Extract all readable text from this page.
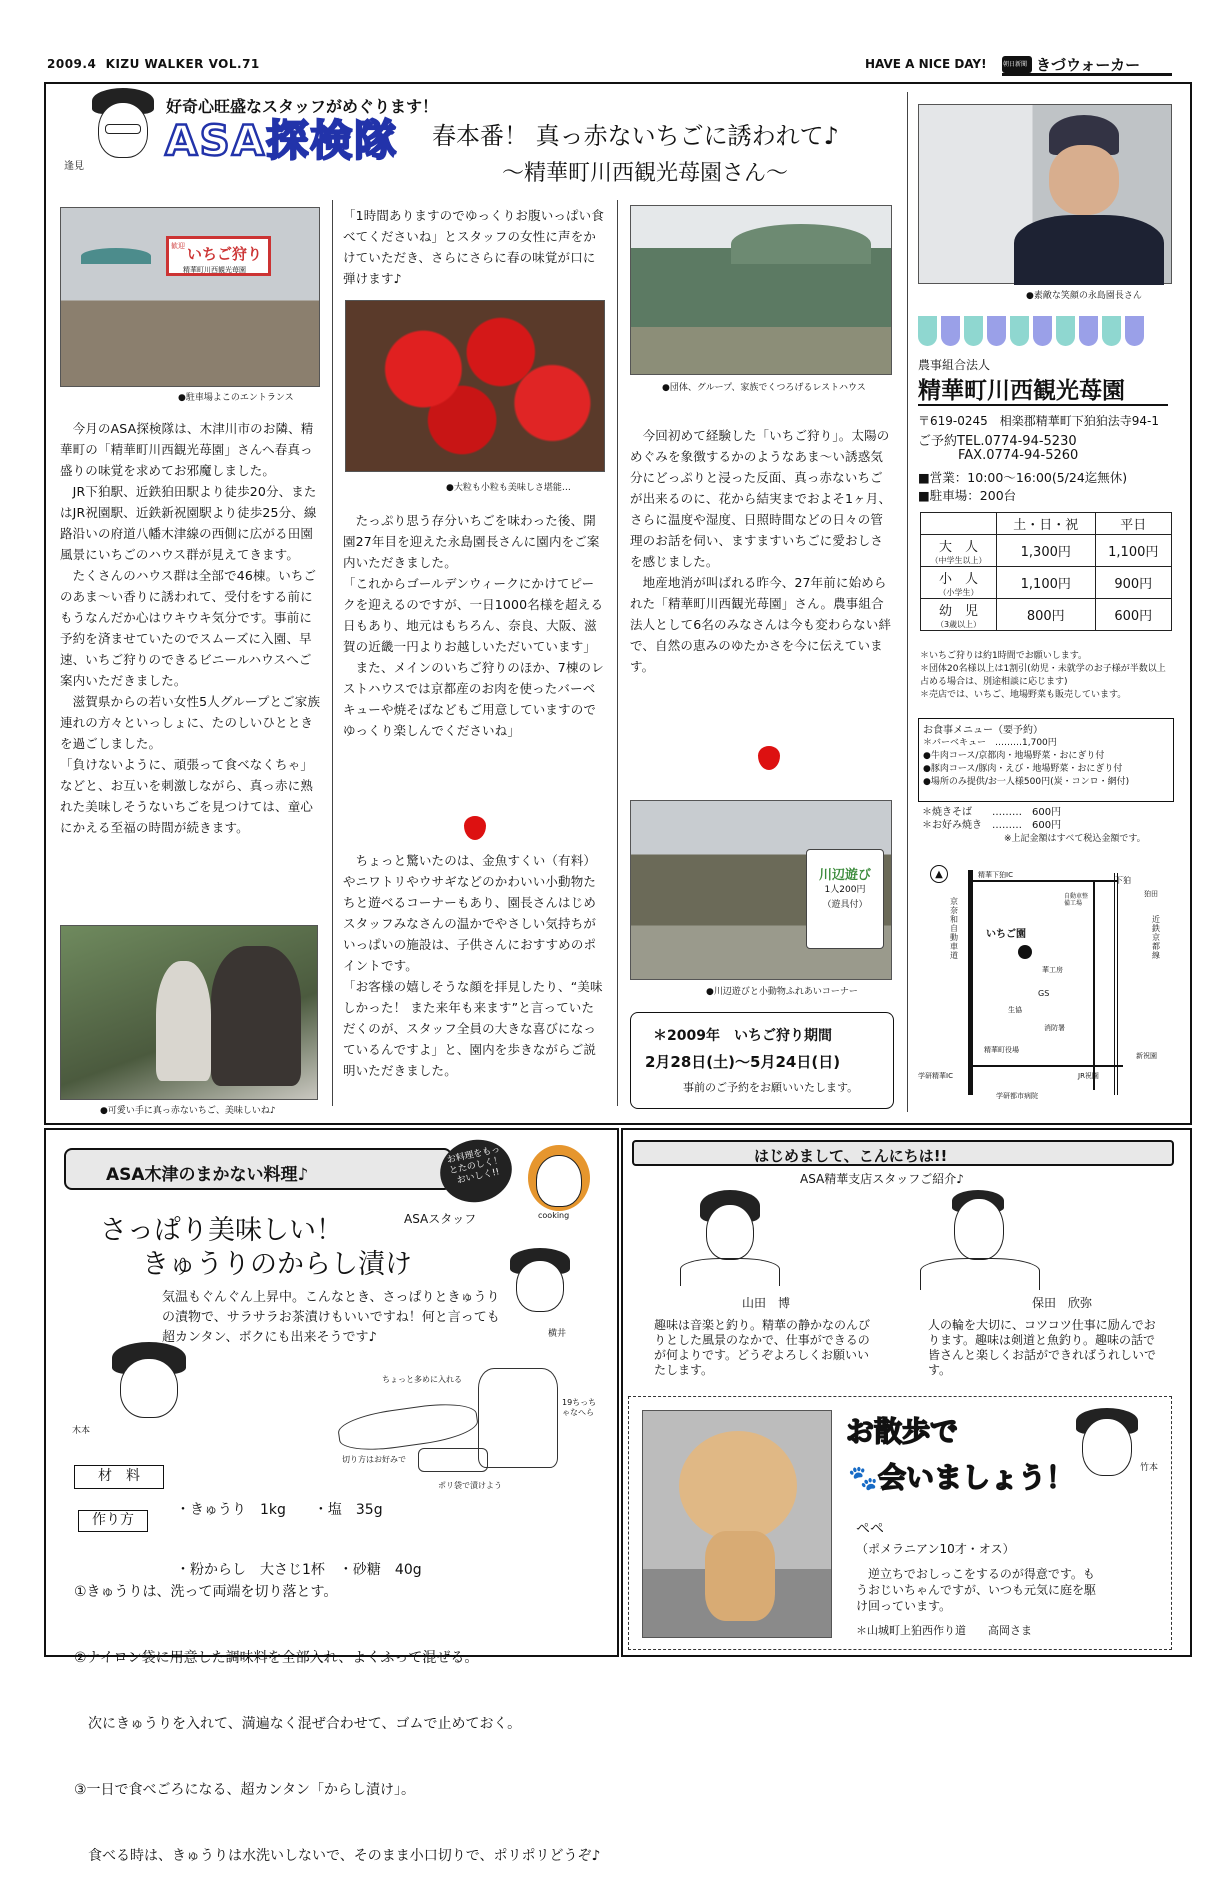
2009.4  KIZU WALKER VOL.71	HAVE A NICE DAY!	朝日新聞 きづウォーカー
逢見
好奇心旺盛なスタッフがめぐります！
ASA探検隊 春本番！ 真っ赤ないちごに誘われて♪
～精華町川西観光苺園さん～
歓迎 いちご狩り
精華町川西観光苺園
●駐車場よこのエントランス

　今月のASA探検隊は、木津川市のお隣、精華町の「精華町川西観光苺園」さんへ春真っ盛りの味覚を求めてお邪魔しました。

　JR下狛駅、近鉄狛田駅より徒歩20分、またはJR祝園駅、近鉄新祝園駅より徒歩25分、線路沿いの府道八幡木津線の西側に広がる田園風景にいちごのハウス群が見えてきます。

　たくさんのハウス群は全部で46棟。いちごのあま～い香りに誘われて、受付をする前にもうなんだか心はウキウキ気分です。事前に予約を済ませていたのでスムーズに入園、早速、いちご狩りのできるビニールハウスへご案内いただきました。

　滋賀県からの若い女性5人グループとご家族連れの方々といっしょに、たのしいひとときを過ごしました。

「負けないように、頑張って食べなくちゃ」などと、お互いを刺激しながら、真っ赤に熟れた美味しそうないちごを見つけては、童心にかえる至福の時間が続きます。

●可愛い手に真っ赤ないちご、美味しいね♪
「1時間ありますのでゆっくりお腹いっぱい食べてくださいね」とスタッフの女性に声をかけていただき、さらにさらに春の味覚が口に弾けます♪
●大粒も小粒も美味しさ堪能…

　たっぷり思う存分いちごを味わった後、開園27年目を迎えた永島園長さんに園内をご案内いただきました。

「これからゴールデンウィークにかけてピークを迎えるのですが、一日1000名様を超える日もあり、地元はもちろん、奈良、大阪、滋賀の近畿一円よりお越しいただいています」

　また、メインのいちご狩りのほか、7棟のレストハウスでは京都産のお肉を使ったバーベキューや焼そばなどもご用意していますのでゆっくり楽しんでくださいね」

　ちょっと驚いたのは、金魚すくい（有料）やニワトリやウサギなどのかわいい小動物たちと遊べるコーナーもあり、園長さんはじめスタッフみなさんの温かでやさしい気持ちがいっぱいの施設は、子供さんにおすすめのポイントです。

「お客様の嬉しそうな顔を拝見したり、“美味しかった！ また来年も来ます”と言っていただくのが、スタッフ全員の大きな喜びになっているんですよ」と、園内を歩きながらご説明いただきました。

●団体、グループ、家族でくつろげるレストハウス

　今回初めて経験した「いちご狩り」。太陽のめぐみを象徴するかのようなあま～い誘惑気分にどっぷりと浸った反面、真っ赤ないちごが出来るのに、花から結実までおよそ1ヶ月、さらに温度や湿度、日照時間などの日々の管理のお話を伺い、ますますいちごに愛おしさを感じました。

　地産地消が叫ばれる昨今、27年前に始められた「精華町川西観光苺園」さん。農事組合法人として6名のみなさんは今も変わらない絆で、自然の恵みのゆたかさを今に伝えています。

川辺遊び
1人200円
（遊具付）
●川辺遊びと小動物ふれあいコーナー
＊2009年　いちご狩り期間
2月28日(土)～5月24日(日)
事前のご予約をお願いいたします。
●素敵な笑顔の永島園長さん
農事組合法人
精華町川西観光苺園
〒619-0245　相楽郡精華町下狛狛法寺94-1
ご予約TEL.0774-94-5230
FAX.0774-94-5260
■営業：10:00～16:00(5/24迄無休)
■駐車場：200台
	土・日・祝	平日

大　人
（中学生以上）	1,300円	1,100円

小　人
（小学生）	1,100円	900円

幼　児
（3歳以上）	800円	600円
＊いちご狩りは約1時間でお願いします。
＊団体20名様以上は1割引(幼児・未就学のお子様が半数以上占める場合は、別途相談に応じます)
＊売店では、いちご、地場野菜も販売しています。
お食事メニュー（要予約）
＊バーベキュー　………1,700円
●牛肉コース/京都肉・地場野菜・おにぎり付
●豚肉コース/豚肉・えび・地場野菜・おにぎり付
●場所のみ提供/お一人様500円(炭・コンロ・網付)
＊焼きそば　　………　600円
＊お好み焼き　………　600円
※上記金額はすべて税込金額です。
▲	精華下狛IC
下狛
狛田
自動車整備工場
いちご園
京奈和自動車道
近鉄京都線
華工房
GS
生協
消防署
精華町役場
新祝園
学研精華IC	JR祝園
学研都市病院
ASA木津のまかない料理♪
お料理をもっとたのしく！おいしく!!
cooking
ASAスタッフ
さっぱり美味しい！
きゅうりのからし漬け
横井
気温もぐんぐん上昇中。こんなとき、さっぱりときゅうりの漬物で、サラサラお茶漬けもいいですね！何と言っても超カンタン、ボクにも出来そうです♪
木本
ちょっと多めに入れる
19ちっちゃなへら
ポリ袋で漬けよう
切り方はお好みで
材　料

・きゅうり　1kg　　・塩　35g

・粉からし　大さじ1杯　・砂糖　40g

作り方

①きゅうりは、洗って両端を切り落とす。

②ナイロン袋に用意した調味料を全部入れ、よくふって混ぜる。

　次にきゅうりを入れて、満遍なく混ぜ合わせて、ゴムで止めておく。

③一日で食べごろになる、超カンタン「からし漬け」。

　食べる時は、きゅうりは水洗いしないで、そのまま小口切りで、ポリポリどうぞ♪

はじめまして、こんにちは!!
ASA精華支店スタッフご紹介♪
山田　博
趣味は音楽と釣り。精華の静かなのんびりとした風景のなかで、仕事ができるのが何よりです。どうぞよろしくお願いいたします。
保田　欣弥
人の輪を大切に、コツコツ仕事に励んでおります。趣味は剣道と魚釣り。趣味の話で皆さんと楽しくお話ができればうれしいです。
お散歩で
🐾 会いましょう！	竹本
ペペ
（ポメラニアン10才・オス）
　逆立ちでおしっこをするのが得意です。もうおじいちゃんですが、いつも元気に庭を駆け回っています。
＊山城町上狛西作り道　　高岡さま
